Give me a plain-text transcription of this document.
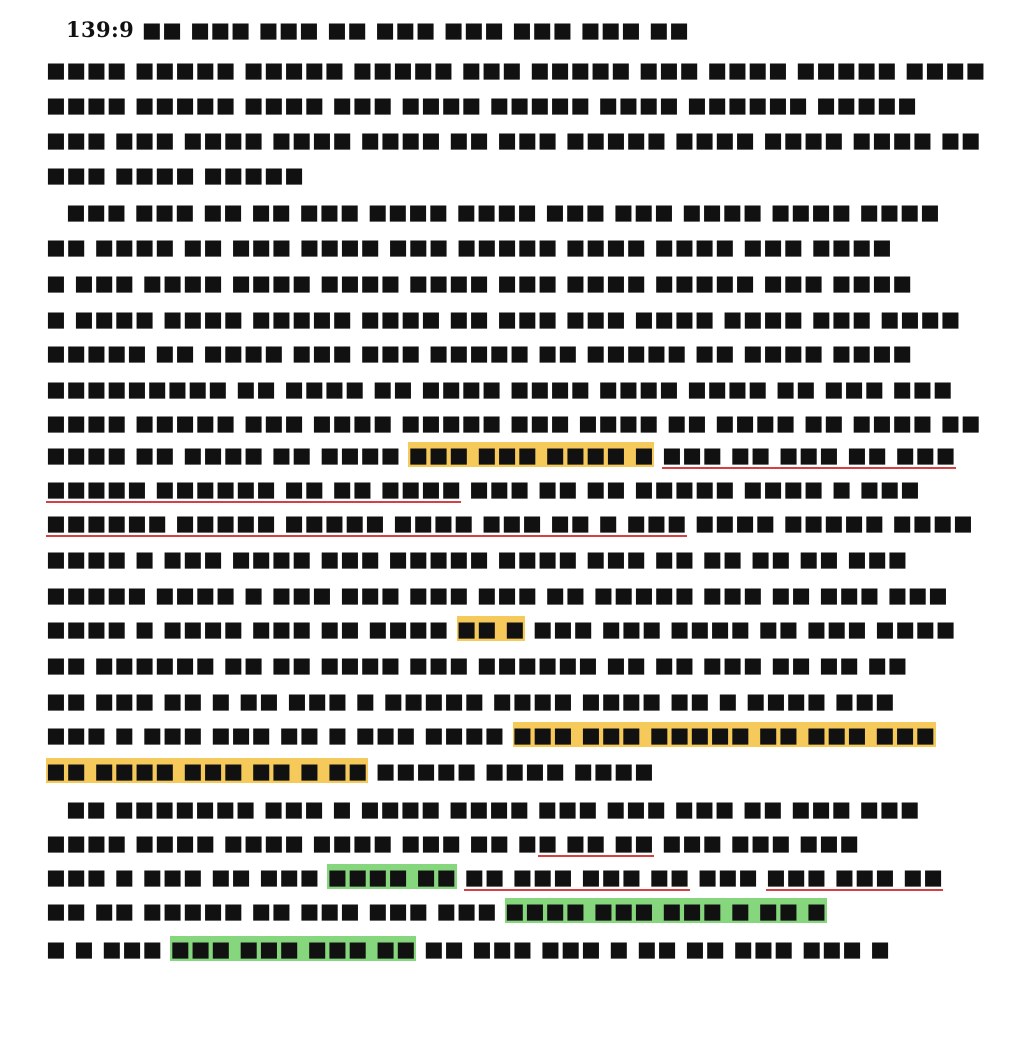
139:9 ■■ ■■■ ■■■ ■■ ■■■ ■■■ ■■■ ■■■ ■■
■■■■ ■■■■■ ■■■■■ ■■■■■ ■■■ ■■■■■ ■■■ ■■■■ ■■■■■ ■■■■
■■■■ ■■■■■ ■■■■ ■■■ ■■■■ ■■■■■ ■■■■ ■■■■■■ ■■■■■
■■■ ■■■ ■■■■ ■■■■ ■■■■ ■■ ■■■ ■■■■■ ■■■■ ■■■■ ■■■■ ■■
■■■ ■■■■ ■■■■■
■■■ ■■■ ■■ ■■ ■■■ ■■■■ ■■■■ ■■■ ■■■ ■■■■ ■■■■ ■■■■
■■ ■■■■ ■■ ■■■ ■■■■ ■■■ ■■■■■ ■■■■ ■■■■ ■■■ ■■■■
■ ■■■ ■■■■ ■■■■ ■■■■ ■■■■ ■■■ ■■■■ ■■■■■ ■■■ ■■■■
■ ■■■■ ■■■■ ■■■■■ ■■■■ ■■ ■■■ ■■■ ■■■■ ■■■■ ■■■ ■■■■
■■■■■ ■■ ■■■■ ■■■ ■■■ ■■■■■ ■■ ■■■■■ ■■ ■■■■ ■■■■
■■■■■■■■■ ■■ ■■■■ ■■ ■■■■ ■■■■ ■■■■ ■■■■ ■■ ■■■ ■■■
■■■■ ■■■■■ ■■■ ■■■■ ■■■■■ ■■■ ■■■■ ■■ ■■■■ ■■ ■■■■ ■■
■■■■ ■■ ■■■■ ■■ ■■■■ ■■■ ■■■ ■■■■ ■ ■■■ ■■ ■■■ ■■ ■■■
■■■■■ ■■■■■■ ■■ ■■ ■■■■ ■■■ ■■ ■■ ■■■■■ ■■■■ ■ ■■■
■■■■■■ ■■■■■ ■■■■■ ■■■■ ■■■ ■■ ■ ■■■ ■■■■ ■■■■■ ■■■■
■■■■ ■ ■■■ ■■■■ ■■■ ■■■■■ ■■■■ ■■■ ■■ ■■ ■■ ■■ ■■■
■■■■■ ■■■■ ■ ■■■ ■■■ ■■■ ■■■ ■■ ■■■■■ ■■■ ■■ ■■■ ■■■
■■■■ ■ ■■■■ ■■■ ■■ ■■■■ ■■ ■ ■■■ ■■■ ■■■■ ■■ ■■■ ■■■■
■■ ■■■■■■ ■■ ■■ ■■■■ ■■■ ■■■■■■ ■■ ■■ ■■■ ■■ ■■ ■■
■■ ■■■ ■■ ■ ■■ ■■■ ■ ■■■■■ ■■■■ ■■■■ ■■ ■ ■■■■ ■■■
■■■ ■ ■■■ ■■■ ■■ ■ ■■■ ■■■■ ■■■ ■■■ ■■■■■ ■■ ■■■ ■■■
■■ ■■■■ ■■■ ■■ ■ ■■ ■■■■■ ■■■■ ■■■■
■■ ■■■■■■■ ■■■ ■ ■■■■ ■■■■ ■■■ ■■■ ■■■ ■■ ■■■ ■■■
■■■■ ■■■■ ■■■■ ■■■■ ■■■ ■■ ■■ ■■ ■■ ■■■ ■■■ ■■■
■■■ ■ ■■■ ■■ ■■■ ■■■■ ■■ ■■ ■■■ ■■■ ■■ ■■■ ■■■ ■■■ ■■
■■ ■■ ■■■■■ ■■ ■■■ ■■■ ■■■ ■■■■ ■■■ ■■■ ■ ■■ ■
■ ■ ■■■ ■■■ ■■■ ■■■ ■■ ■■ ■■■ ■■■ ■ ■■ ■■ ■■■ ■■■ ■
